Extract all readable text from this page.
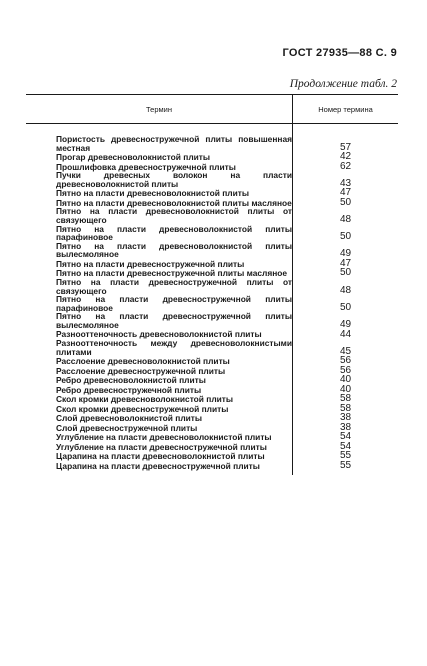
ГОСТ 27935—88 С. 9
Продолжение табл. 2
Термин	Номер термина

Пористость древесностружечной плиты повышенная местная	57
Прогар древесноволокнистой плиты	42
Прошлифовка древесностружечной плиты	62
Пучки древесных волокон на пласти древесноволокнистой плиты	43
Пятно на пласти древесноволокнистой плиты	47
Пятно на пласти древесноволокнистой плиты масляное	50
Пятно на пласти древесноволокнистой плиты от связующего	48
Пятно на пласти древесноволокнистой плиты парафиновое	50
Пятно на пласти древесноволокнистой плиты вылесмоляное	49
Пятно на пласти древесностружечной плиты	47
Пятно на пласти древесностружечной плиты масляное	50
Пятно на пласти древесностружечной плиты от связующего	48
Пятно на пласти древесностружечной плиты парафиновое	50
Пятно на пласти древесностружечной плиты вылесмоляное	49
Разнооттеночность древесноволокнистой плиты	44
Разнооттеночность между древесноволокнистыми плитами	45
Расслоение древесноволокнистой плиты	56
Расслоение древесностружечной плиты	56
Ребро древесноволокнистой плиты	40
Ребро древесностружечной плиты	40
Скол кромки древесноволокнистой плиты	58
Скол кромки древесностружечной плиты	58
Слой древесноволокнистой плиты	38
Слой древесностружечной плиты	38
Углубление на пласти древесноволокнистой плиты	54
Углубление на пласти древесностружечной плиты	54
Царапина на пласти древесноволокнистой плиты	55
Царапина на пласти древесностружечной плиты	55
